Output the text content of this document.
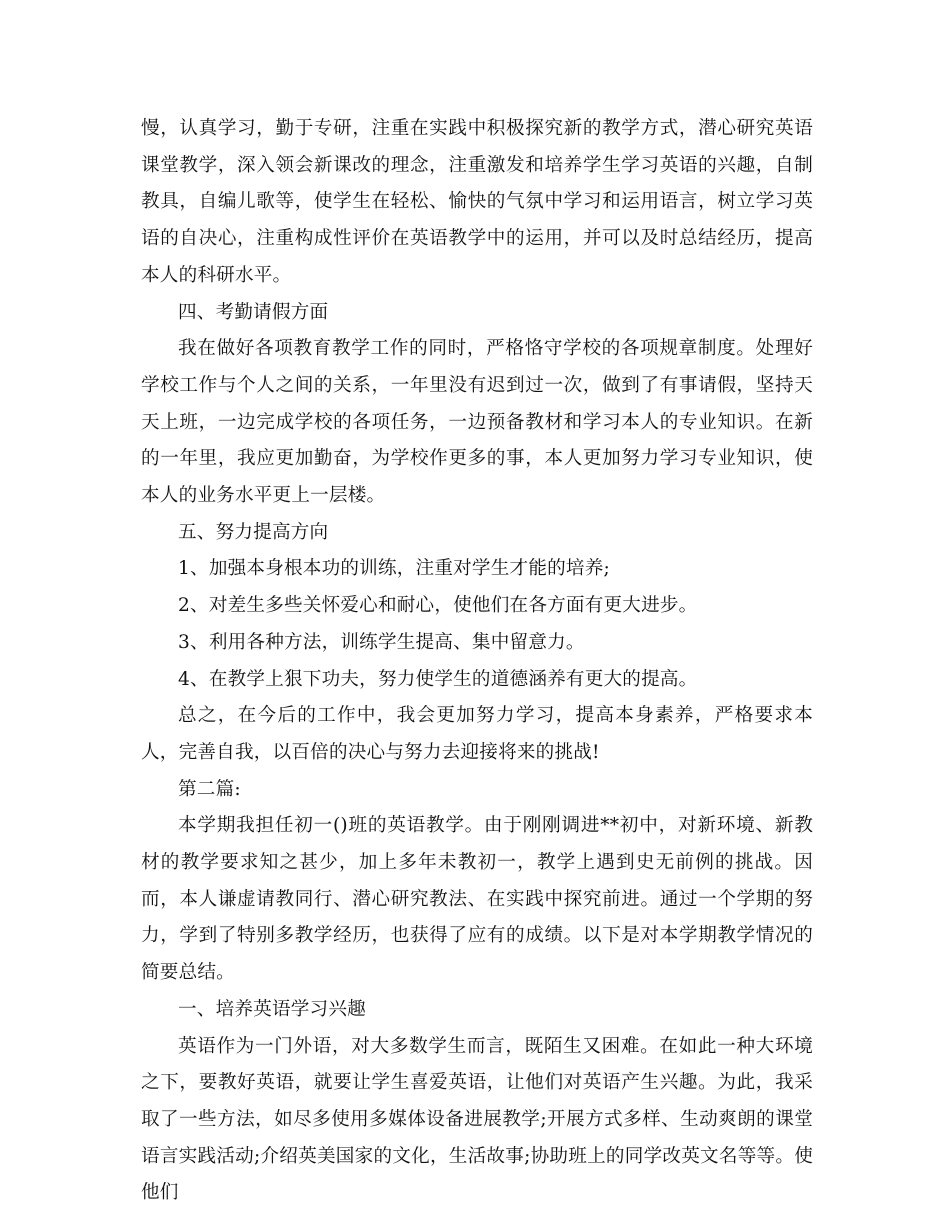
慢，认真学习，勤于专研，注重在实践中积极探究新的教学方式，潜心研究英语课堂教学，深入领会新课改的理念，注重激发和培养学生学习英语的兴趣，自制教具，自编儿歌等，使学生在轻松、愉快的气氛中学习和运用语言，树立学习英语的自决心，注重构成性评价在英语教学中的运用，并可以及时总结经历，提高本人的科研水平。

四、考勤请假方面

我在做好各项教育教学工作的同时，严格恪守学校的各项规章制度。处理好学校工作与个人之间的关系，一年里没有迟到过一次，做到了有事请假，坚持天天上班，一边完成学校的各项任务，一边预备教材和学习本人的专业知识。在新的一年里，我应更加勤奋，为学校作更多的事，本人更加努力学习专业知识，使本人的业务水平更上一层楼。

五、努力提高方向

1、加强本身根本功的训练，注重对学生才能的培养;

2、对差生多些关怀爱心和耐心，使他们在各方面有更大进步。

3、利用各种方法，训练学生提高、集中留意力。

4、在教学上狠下功夫，努力使学生的道德涵养有更大的提高。

总之，在今后的工作中，我会更加努力学习，提高本身素养，严格要求本人，完善自我，以百倍的决心与努力去迎接将来的挑战!

第二篇:

本学期我担任初一()班的英语教学。由于刚刚调进**初中，对新环境、新教材的教学要求知之甚少，加上多年未教初一，教学上遇到史无前例的挑战。因而，本人谦虚请教同行、潜心研究教法、在实践中探究前进。通过一个学期的努力，学到了特别多教学经历，也获得了应有的成绩。以下是对本学期教学情况的简要总结。

一、培养英语学习兴趣

英语作为一门外语，对大多数学生而言，既陌生又困难。在如此一种大环境之下，要教好英语，就要让学生喜爱英语，让他们对英语产生兴趣。为此，我采取了一些方法，如尽多使用多媒体设备进展教学;开展方式多样、生动爽朗的课堂语言实践活动;介绍英美国家的文化，生活故事;协助班上的同学改英文名等等。使他们
